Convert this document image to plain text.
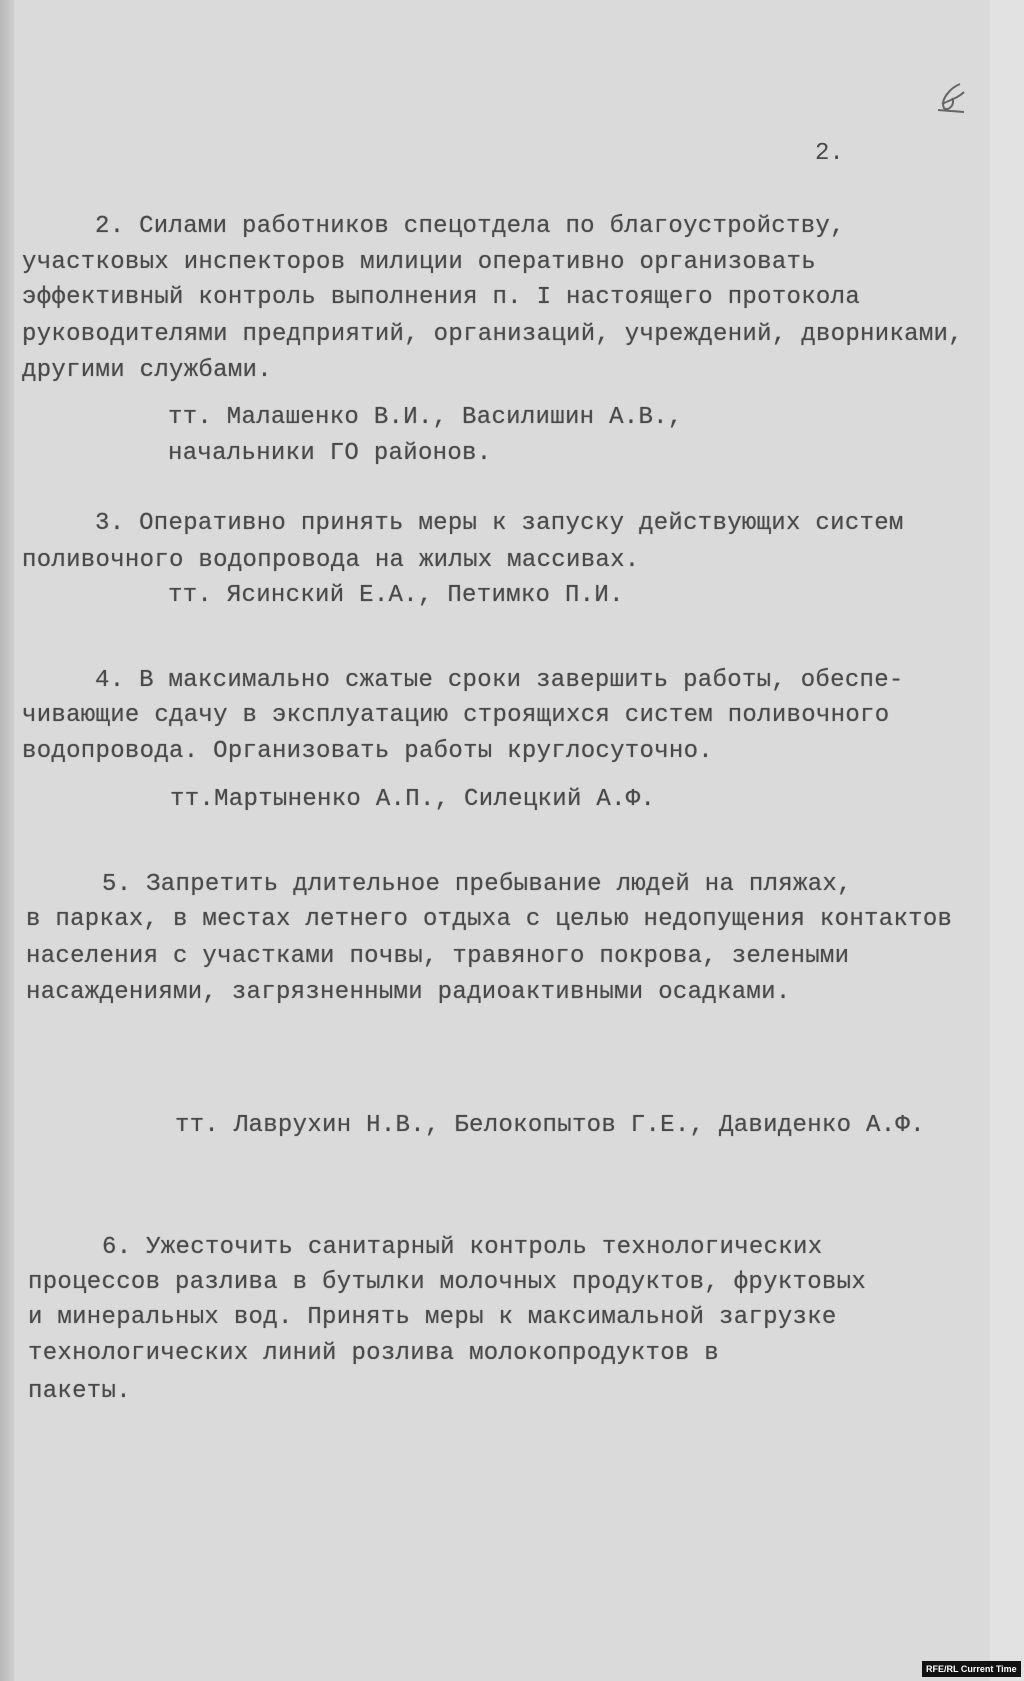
2.
2. Силами работников спецотдела по благоустройству,
участковых инспекторов милиции оперативно организовать
эффективный контроль выполнения п. I настоящего протокола
руководителями предприятий, организаций, учреждений, дворниками,
другими службами.
тт. Малашенко В.И., Василишин А.В.,
начальники ГО районов.
3. Оперативно принять меры к запуску действующих систем
поливочного водопровода на жилых массивах.
тт. Ясинский Е.А., Петимко П.И.
4. В максимально сжатые сроки завершить работы, обеспе-
чивающие сдачу в эксплуатацию строящихся систем поливочного
водопровода. Организовать работы круглосуточно.
тт.Мартыненко А.П., Силецкий А.Ф.
5. Запретить длительное пребывание людей на пляжах,
в парках, в местах летнего отдыха с целью недопущения контактов
населения с участками почвы, травяного покрова, зелеными
насаждениями, загрязненными радиоактивными осадками.
тт. Лаврухин Н.В., Белокопытов Г.Е., Давиденко А.Ф.
6. Ужесточить санитарный контроль технологических
процессов разлива в бутылки молочных продуктов, фруктовых
и минеральных вод. Принять меры к максимальной загрузке
технологических линий розлива молокопродуктов в
пакеты.
RFE/RL Current Time
